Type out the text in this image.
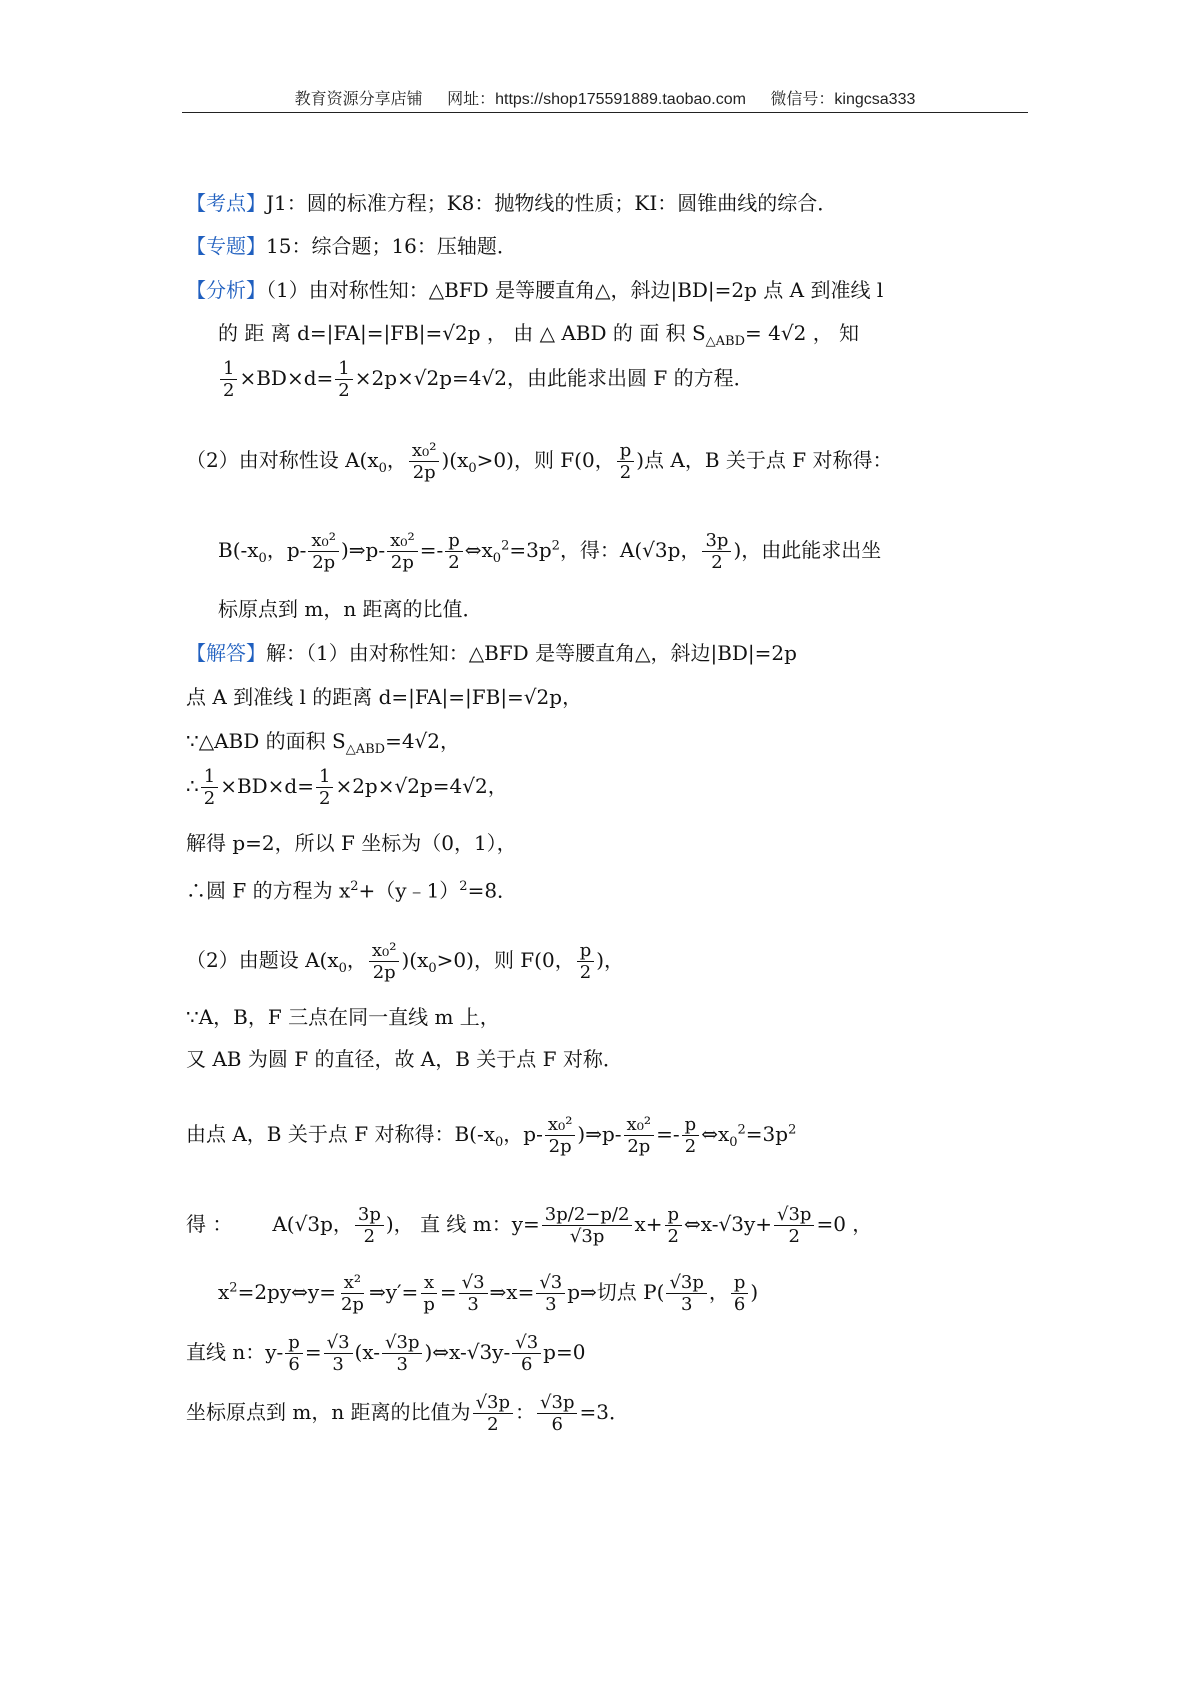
教育资源分享店铺 网址：https://shop175591889.taobao.com 微信号：kingcsa333
【考点】J1：圆的标准方程；K8：抛物线的性质；KI：圆锥曲线的综合．
【专题】15：综合题；16：压轴题．
【分析】（1）由对称性知：△BFD 是等腰直角△，斜边|BD|=2p 点 A 到准线 l
的 距 离 d=|FA|=|FB|=√2p ， 由 △ ABD 的 面 积 $S_{\triangle ABD}= 4√2$ ， 知
$\frac{1}{2} \times BD\times d= \frac{1}{2} \times 2p\times√2p=4√2$，由此能求出圆 F 的方程．
（2）由对称性设 $A(x_0$， $\frac{\text{x₀²}}{2p} )(x_0>0)$，则 F(0， $\frac{p}{2}$ )点 A，B 关于点 F 对称得：
$B(-x_0$，$p- \frac{\text{x₀²}}{2p}$ )⇒p- $\frac{\text{x₀²}}{2p} =- \frac{p}{2}$ $\Leftrightarrow x_0^2=3p^2$，得：A(√3p， $\frac{3p}{2}$ )，由此能求出坐
标原点到 m，n 距离的比值．
【解答】解：（1）由对称性知：△BFD 是等腰直角△，斜边|BD|=2p
点 A 到准线 l 的距离 d=|FA|=|FB|=√2p，
∵△ABD 的面积 $S_{\triangle ABD}=4√2$，
∴ $\frac{1}{2} \times BD\times d= \frac{1}{2} \times 2p\times√2p=4√2$，
解得 p=2，所以 F 坐标为（0，1），
∴圆 F 的方程为 $x^2+(y﹣1)^2=8$．
（2）由题设 $A(x_0$， $\frac{\text{x₀²}}{2p} )(x_0>0)$，则 F(0， $\frac{p}{2}$ )，
∵A，B，F 三点在同一直线 m 上，
又 AB 为圆 F 的直径，故 A，B 关于点 F 对称．
由点 A，B 关于点 F 对称得：$B(-x_0$，$p- \frac{\text{x₀²}}{2p}$ )⇒p- $\frac{\text{x₀²}}{2p} =- \frac{p}{2}$ $\Leftrightarrow x_0^2=3p^2$
得 ： A(√3p， $\frac{3p}{2}$ )， 直 线 m：$y= \frac{3p/2-p/2}{√3p} x+ \frac{p}{2}$ ⇔x-√3y+ $\frac{√3p}{2} =0$ ，
$x^2=2py\Leftrightarrow y= \frac{\text{x²}}{2p}$ ⇒y′= $\frac{x}{p} = \frac{√3}{3}$ ⇒x= $\frac{√3}{3}$ p⇒切点 $P( \frac{√3p}{3}$ ， $\frac{p}{6}$ )
直线 n：$y- \frac{p}{6} = \frac{√3}{3} (x- \frac{√3p}{3}$ )⇔x-√3y- $\frac{√3}{6} p=0$
坐标原点到 m，n 距离的比值为 $\frac{√3p}{2}$ ： $\frac{√3p}{6} =3$．
